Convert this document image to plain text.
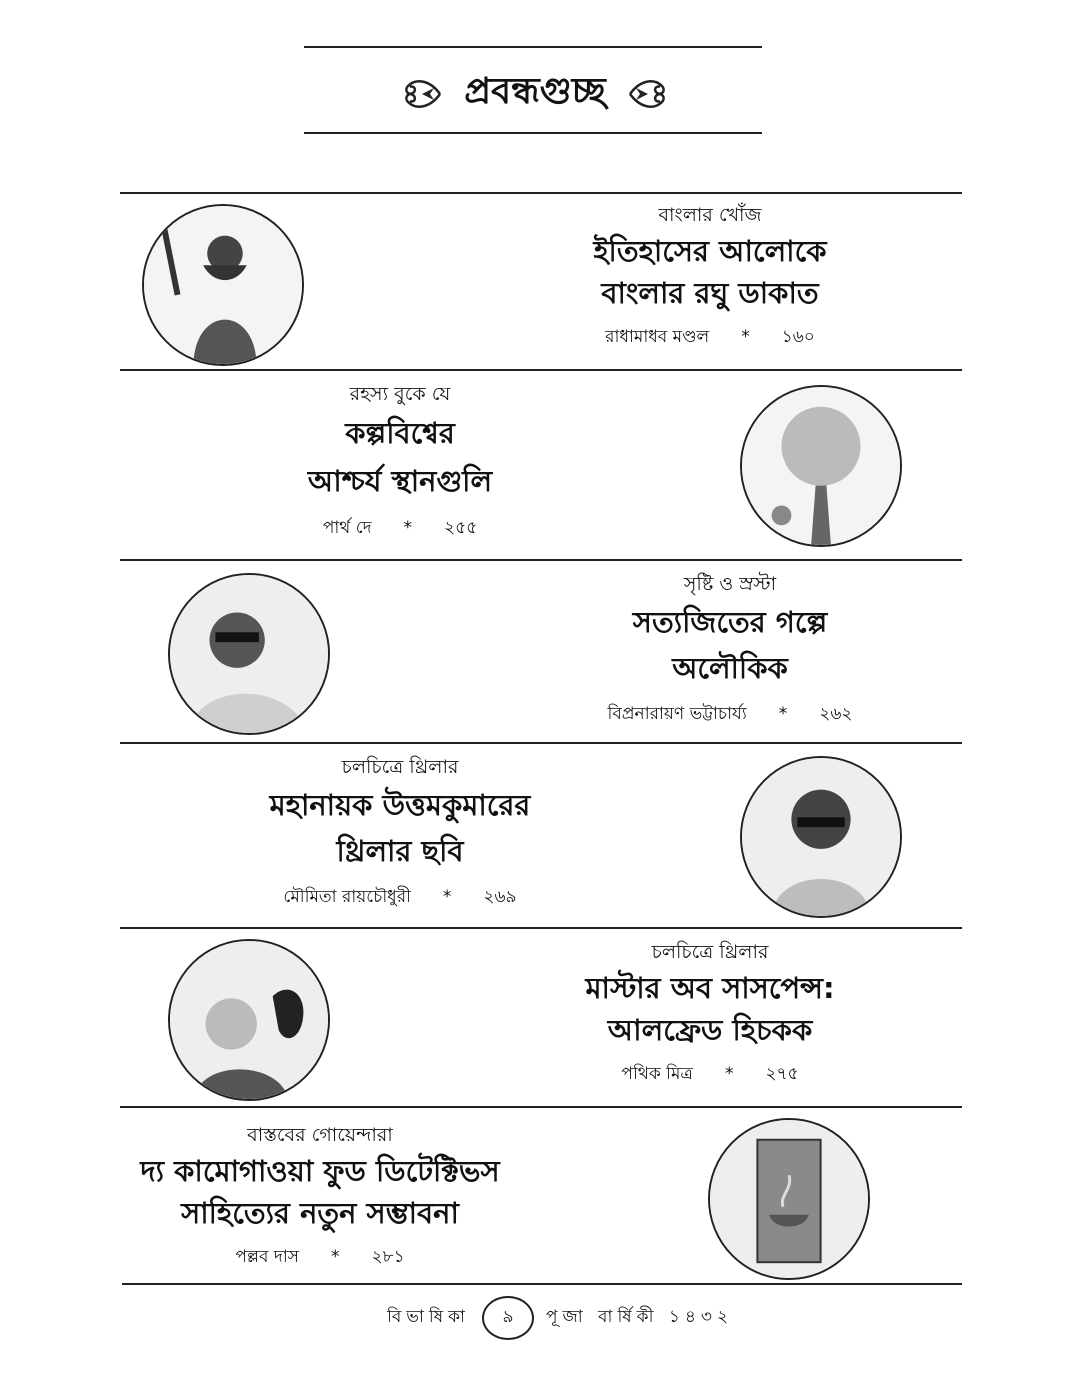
প্রবন্ধগুচ্ছ
বাংলার খোঁজ
ইতিহাসের আলোকে
বাংলার রঘু ডাকাত
রাধামাধব মণ্ডল * ১৬০
রহস্য বুকে যে
কল্পবিশ্বের
আশ্চর্য স্থানগুলি
পার্থ দে * ২৫৫
সৃষ্টি ও স্রস্টা
সত্যজিতের গল্পে
অলৌকিক
বিপ্রনারায়ণ ভট্টাচার্য্য * ২৬২
চলচিত্রে থ্রিলার
মহানায়ক উত্তমকুমারের
থ্রিলার ছবি
মৌমিতা রায়চৌধুরী * ২৬৯
চলচিত্রে থ্রিলার
মাস্টার অব সাসপেন্স:
আলফ্রেড হিচকক
পথিক মিত্র * ২৭৫
বাস্তবের গোয়েন্দারা
দ্য কামোগাওয়া ফুড ডিটেক্টিভস
সাহিত্যের নতুন সম্ভাবনা
পল্লব দাস * ২৮১
বিভাষিকা	৯	পূজা বার্ষিকী ১৪৩২
